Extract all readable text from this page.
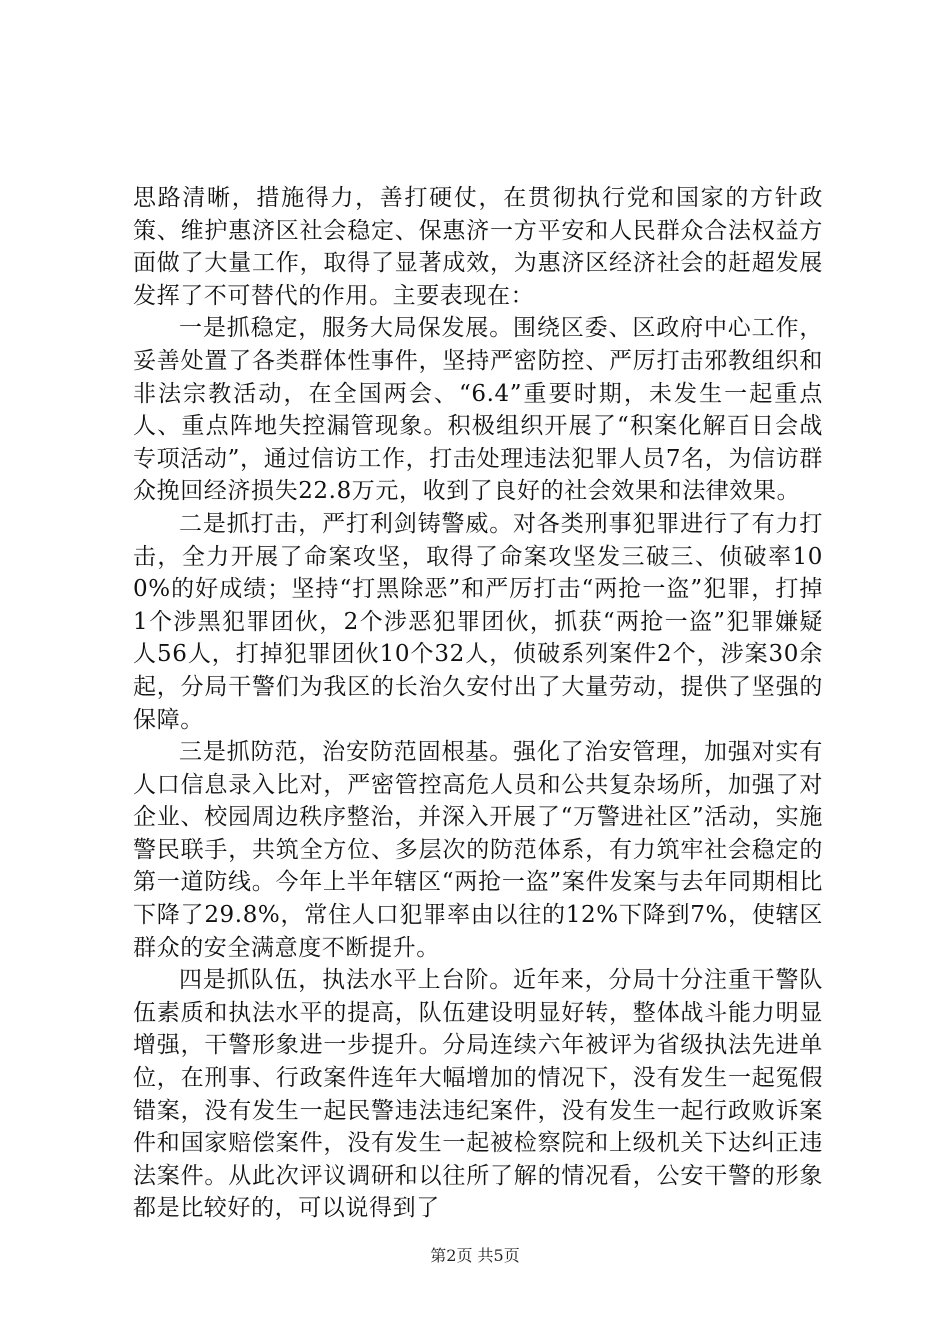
思路清晰，措施得力，善打硬仗，在贯彻执行党和国家的方针政策、维护惠济区社会稳定、保惠济一方平安和人民群众合法权益方面做了大量工作，取得了显著成效，为惠济区经济社会的赶超发展发挥了不可替代的作用。主要表现在：

一是抓稳定，服务大局保发展。围绕区委、区政府中心工作，妥善处置了各类群体性事件，坚持严密防控、严厉打击邪教组织和非法宗教活动，在全国两会、“6.4”重要时期，未发生一起重点人、重点阵地失控漏管现象。积极组织开展了“积案化解百日会战专项活动”，通过信访工作，打击处理违法犯罪人员7名，为信访群众挽回经济损失22.8万元，收到了良好的社会效果和法律效果。

二是抓打击，严打利剑铸警威。对各类刑事犯罪进行了有力打击，全力开展了命案攻坚，取得了命案攻坚发三破三、侦破率100%的好成绩；坚持“打黑除恶”和严厉打击“两抢一盗”犯罪，打掉1个涉黑犯罪团伙，2个涉恶犯罪团伙，抓获“两抢一盗”犯罪嫌疑人56人，打掉犯罪团伙10个32人，侦破系列案件2个，涉案30余起，分局干警们为我区的长治久安付出了大量劳动，提供了坚强的保障。

三是抓防范，治安防范固根基。强化了治安管理，加强对实有人口信息录入比对，严密管控高危人员和公共复杂场所，加强了对企业、校园周边秩序整治，并深入开展了“万警进社区”活动，实施警民联手，共筑全方位、多层次的防范体系，有力筑牢社会稳定的第一道防线。今年上半年辖区“两抢一盗”案件发案与去年同期相比下降了29.8%，常住人口犯罪率由以往的12%下降到7%，使辖区群众的安全满意度不断提升。

四是抓队伍，执法水平上台阶。近年来，分局十分注重干警队伍素质和执法水平的提高，队伍建设明显好转，整体战斗能力明显增强，干警形象进一步提升。分局连续六年被评为省级执法先进单位，在刑事、行政案件连年大幅增加的情况下，没有发生一起冤假错案，没有发生一起民警违法违纪案件，没有发生一起行政败诉案件和国家赔偿案件，没有发生一起被检察院和上级机关下达纠正违法案件。从此次评议调研和以往所了解的情况看，公安干警的形象都是比较好的，可以说得到了

第2页 共5页
